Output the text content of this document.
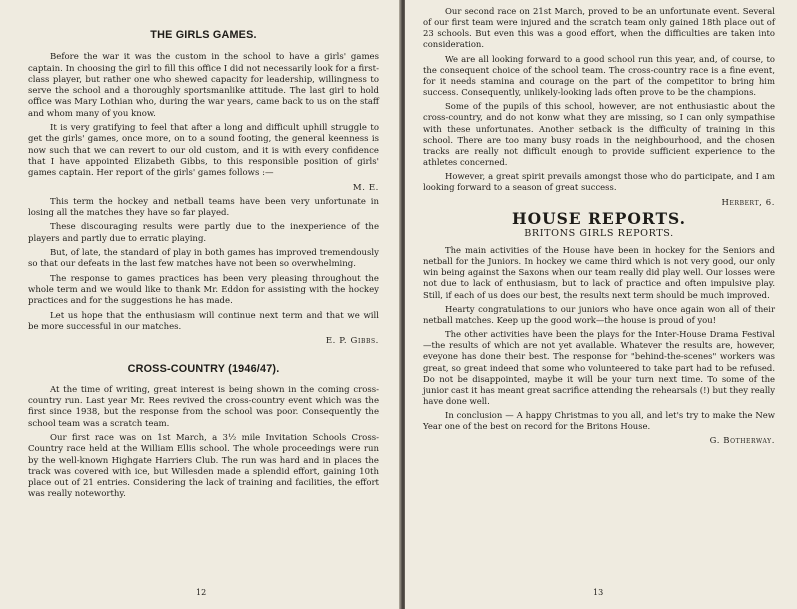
THE GIRLS GAMES.

Before the war it was the custom in the school to have a girls' games captain. In choosing the girl to fill this office I did not necessarily look for a first-class player, but rather one who shewed capacity for leadership, willingness to serve the school and a thoroughly sportsmanlike attitude. The last girl to hold office was Mary Lothian who, during the war years, came back to us on the staff and whom many of you know.

It is very gratifying to feel that after a long and difficult uphill struggle to get the girls' games, once more, on to a sound footing, the general keenness is now such that we can revert to our old custom, and it is with every confidence that I have appointed Elizabeth Gibbs, to this responsible position of girls' games captain. Her report of the girls' games follows :—

M. E.

This term the hockey and netball teams have been very unfortunate in losing all the matches they have so far played.

These discouraging results were partly due to the inexperience of the players and partly due to erratic playing.

But, of late, the standard of play in both games has improved tremendously so that our defeats in the last few matches have not been so overwhelming.

The response to games practices has been very pleasing throughout the whole term and we would like to thank Mr. Eddon for assisting with the hockey practices and for the suggestions he has made.

Let us hope that the enthusiasm will continue next term and that we will be more successful in our matches.

E. P. Gibbs.

CROSS-COUNTRY (1946/47).

At the time of writing, great interest is being shown in the coming cross-country run. Last year Mr. Rees revived the cross-country event which was the first since 1938, but the response from the school was poor. Consequently the school team was a scratch team.

Our first race was on 1st March, a 3½ mile Invitation Schools Cross-Country race held at the William Ellis school. The whole proceedings were run by the well-known Highgate Harriers Club. The run was hard and in places the track was covered with ice, but Willesden made a splendid effort, gaining 10th place out of 21 entries. Considering the lack of training and facilities, the effort was really noteworthy.

12

Our second race on 21st March, proved to be an unfortunate event. Several of our first team were injured and the scratch team only gained 18th place out of 23 schools. But even this was a good effort, when the difficulties are taken into consideration.

We are all looking forward to a good school run this year, and, of course, to the consequent choice of the school team. The cross-country race is a fine event, for it needs stamina and courage on the part of the competitor to bring him success. Consequently, unlikely-looking lads often prove to be the champions.

Some of the pupils of this school, however, are not enthusiastic about the cross-country, and do not konw what they are missing, so I can only sympathise with these unfortunates. Another setback is the difficulty of training in this school. There are too many busy roads in the neighbourhood, and the chosen tracks are really not difficult enough to provide sufficient experience to the athletes concerned.

However, a great spirit prevails amongst those who do participate, and I am looking forward to a season of great success.

Herbert, 6.

HOUSE REPORTS.
BRITONS GIRLS REPORTS.

The main activities of the House have been in hockey for the Seniors and netball for the Juniors. In hockey we came third which is not very good, our only win being against the Saxons when our team really did play well. Our losses were not due to lack of enthusiasm, but to lack of practice and often impulsive play. Still, if each of us does our best, the results next term should be much improved.

Hearty congratulations to our juniors who have once again won all of their netball matches. Keep up the good work—the house is proud of you!

The other activities have been the plays for the Inter-House Drama Festival—the results of which are not yet available. Whatever the results are, however, eveyone has done their best. The response for "behind-the-scenes" workers was great, so great indeed that some who volunteered to take part had to be refused. Do not be disappointed, maybe it will be your turn next time. To some of the junior cast it has meant great sacrifice attending the rehearsals (!) but they really have done well.

In conclusion — A happy Christmas to you all, and let's try to make the New Year one of the best on record for the Britons House.

G. Botherway.

13
